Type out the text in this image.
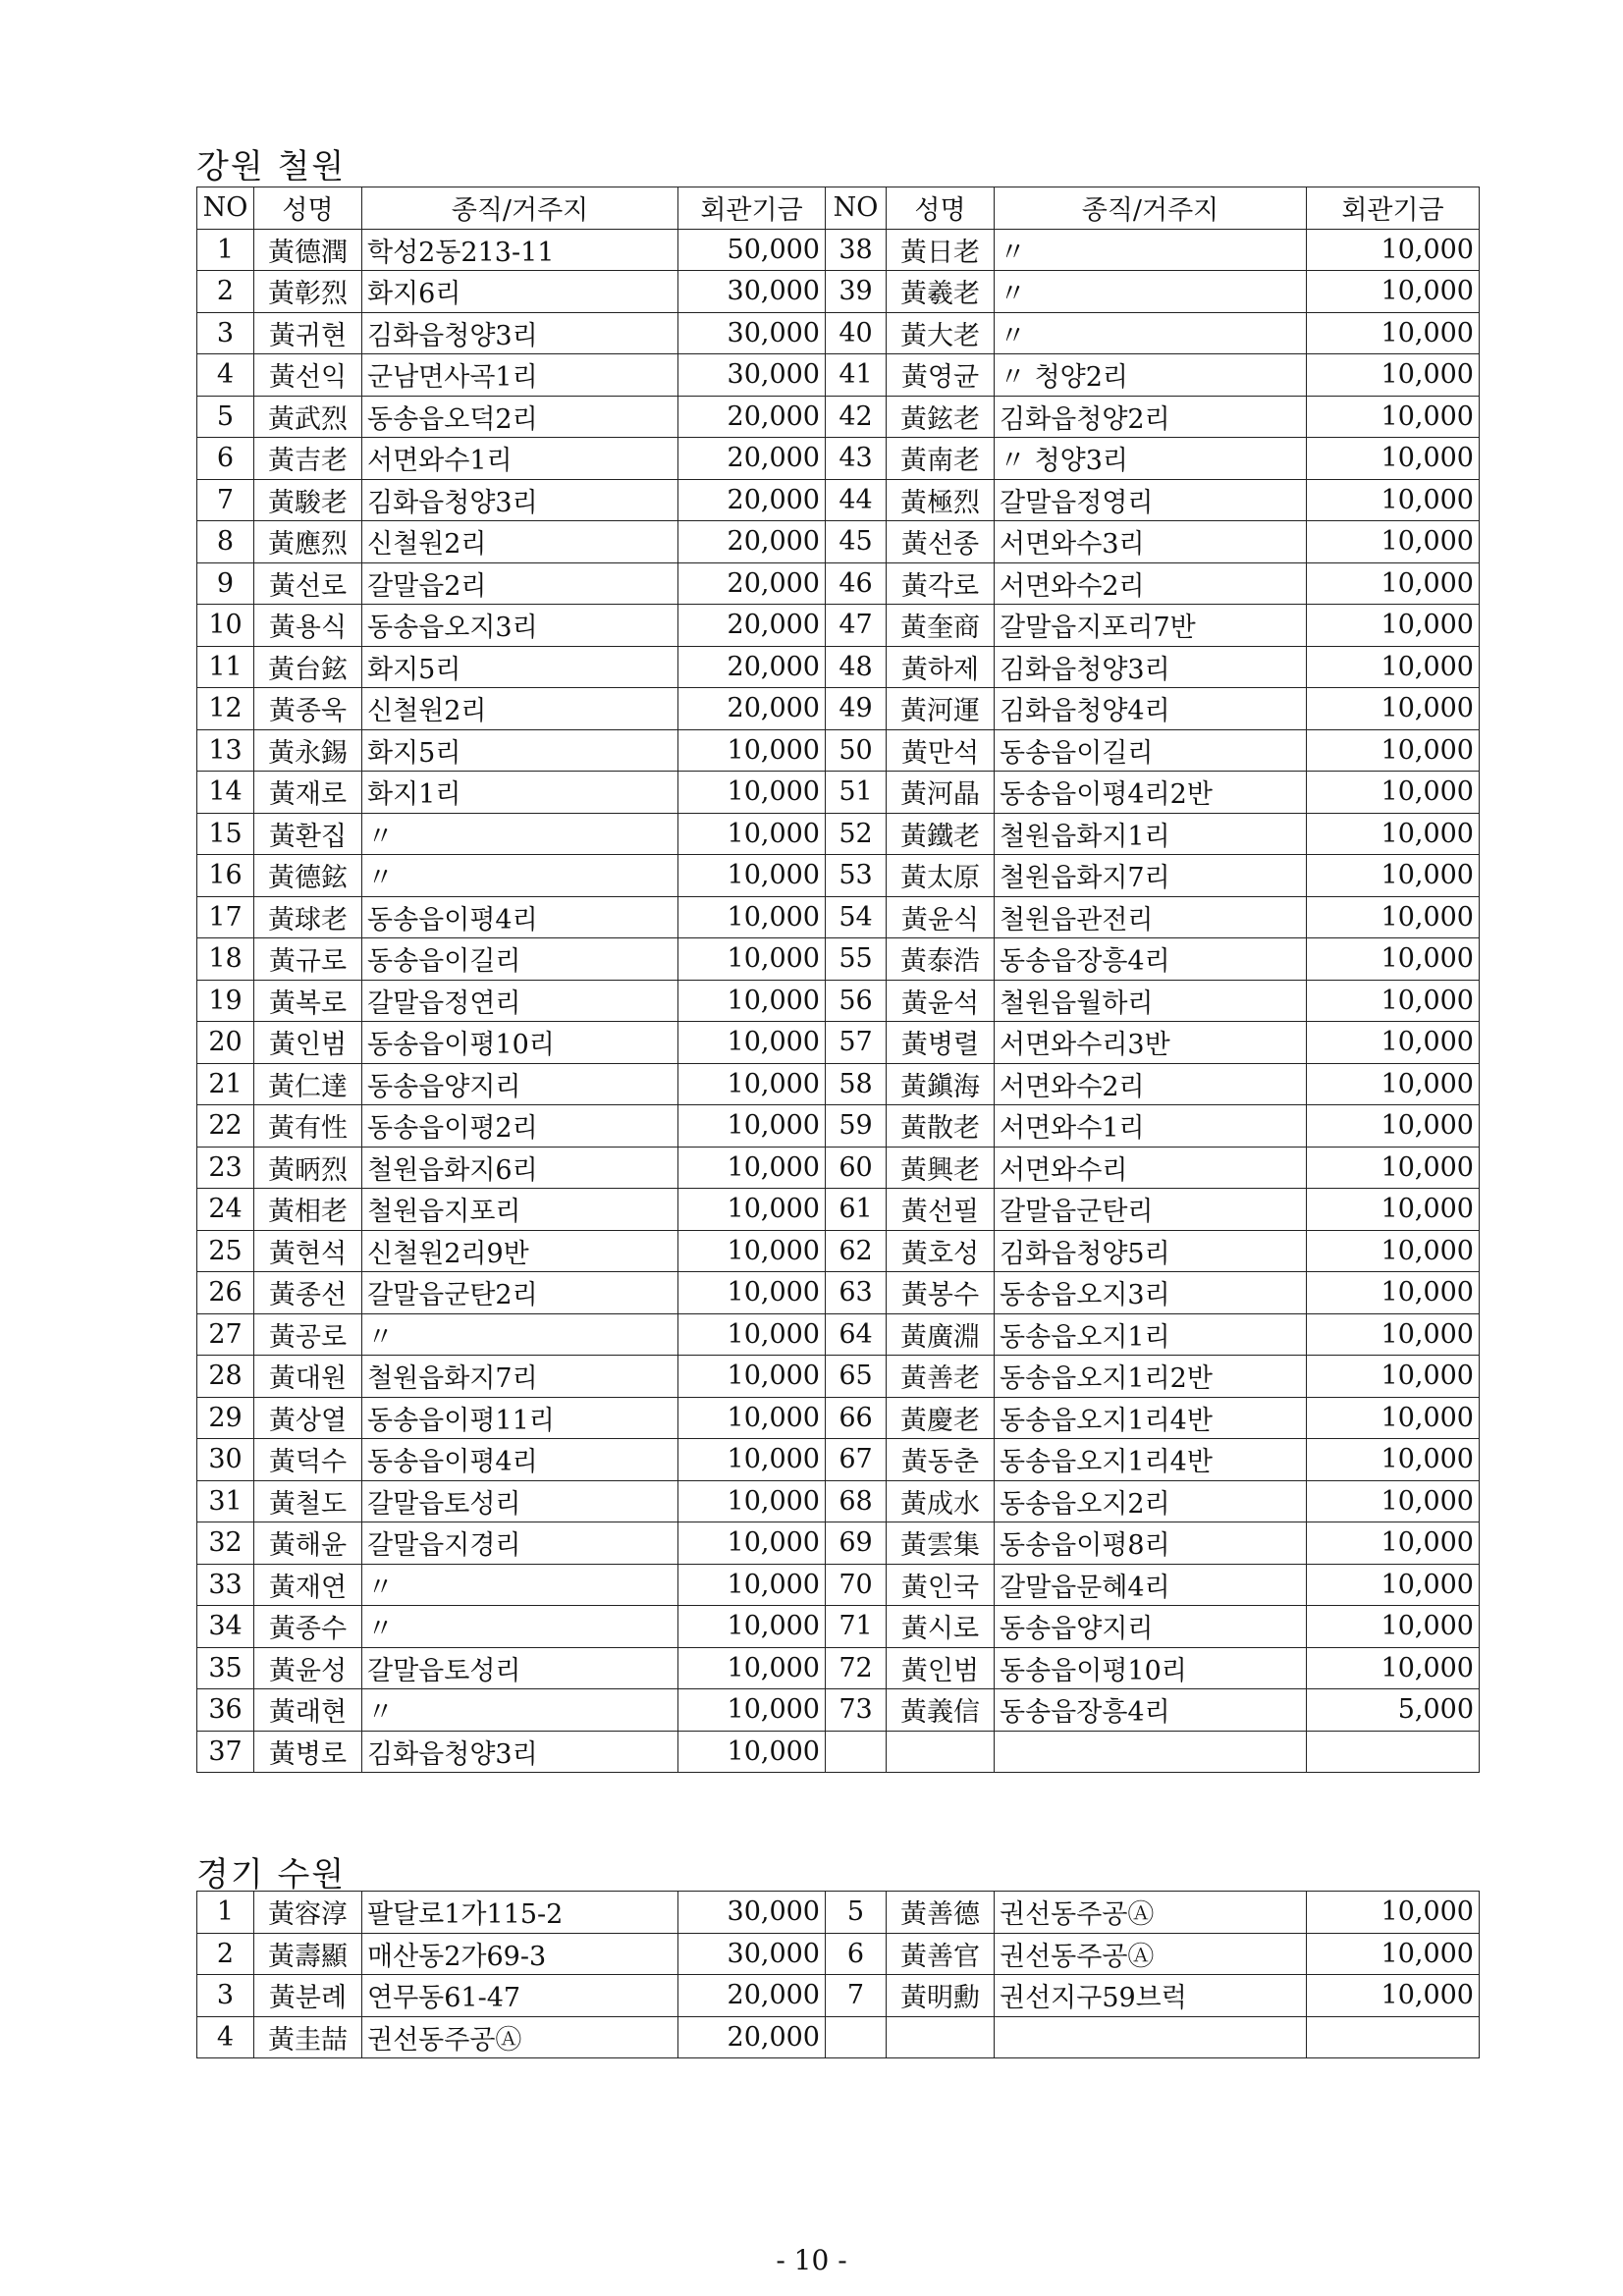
강원 철원
NO	성명	종직/거주지	회관기금	NO	성명	종직/거주지	회관기금
1	黃德潤	학성2동213-11	50,000	38	黃日老	〃	10,000
2	黃彰烈	화지6리	30,000	39	黃羲老	〃	10,000
3	黃귀현	김화읍청양3리	30,000	40	黃大老	〃	10,000
4	黃선익	군남면사곡1리	30,000	41	黃영균	〃 청양2리	10,000
5	黃武烈	동송읍오덕2리	20,000	42	黃鉉老	김화읍청양2리	10,000
6	黃吉老	서면와수1리	20,000	43	黃南老	〃 청양3리	10,000
7	黃駿老	김화읍청양3리	20,000	44	黃極烈	갈말읍정영리	10,000
8	黃應烈	신철원2리	20,000	45	黃선종	서면와수3리	10,000
9	黃선로	갈말읍2리	20,000	46	黃각로	서면와수2리	10,000
10	黃용식	동송읍오지3리	20,000	47	黃奎商	갈말읍지포리7반	10,000
11	黃台鉉	화지5리	20,000	48	黃하제	김화읍청양3리	10,000
12	黃종욱	신철원2리	20,000	49	黃河運	김화읍청양4리	10,000
13	黃永錫	화지5리	10,000	50	黃만석	동송읍이길리	10,000
14	黃재로	화지1리	10,000	51	黃河晶	동송읍이평4리2반	10,000
15	黃환집	〃	10,000	52	黃鐵老	철원읍화지1리	10,000
16	黃德鉉	〃	10,000	53	黃太原	철원읍화지7리	10,000
17	黃球老	동송읍이평4리	10,000	54	黃윤식	철원읍관전리	10,000
18	黃규로	동송읍이길리	10,000	55	黃泰浩	동송읍장흥4리	10,000
19	黃복로	갈말읍정연리	10,000	56	黃윤석	철원읍월하리	10,000
20	黃인범	동송읍이평10리	10,000	57	黃병렬	서면와수리3반	10,000
21	黃仁達	동송읍양지리	10,000	58	黃鎭海	서면와수2리	10,000
22	黃有性	동송읍이평2리	10,000	59	黃散老	서면와수1리	10,000
23	黃昞烈	철원읍화지6리	10,000	60	黃興老	서면와수리	10,000
24	黃相老	철원읍지포리	10,000	61	黃선필	갈말읍군탄리	10,000
25	黃현석	신철원2리9반	10,000	62	黃호성	김화읍청양5리	10,000
26	黃종선	갈말읍군탄2리	10,000	63	黃봉수	동송읍오지3리	10,000
27	黃공로	〃	10,000	64	黃廣淵	동송읍오지1리	10,000
28	黃대원	철원읍화지7리	10,000	65	黃善老	동송읍오지1리2반	10,000
29	黃상열	동송읍이평11리	10,000	66	黃慶老	동송읍오지1리4반	10,000
30	黃덕수	동송읍이평4리	10,000	67	黃동춘	동송읍오지1리4반	10,000
31	黃철도	갈말읍토성리	10,000	68	黃成水	동송읍오지2리	10,000
32	黃해윤	갈말읍지경리	10,000	69	黃雲集	동송읍이평8리	10,000
33	黃재연	〃	10,000	70	黃인국	갈말읍문혜4리	10,000
34	黃종수	〃	10,000	71	黃시로	동송읍양지리	10,000
35	黃윤성	갈말읍토성리	10,000	72	黃인범	동송읍이평10리	10,000
36	黃래현	〃	10,000	73	黃義信	동송읍장흥4리	5,000
37	黃병로	김화읍청양3리	10,000				
경기 수원
1	黃容淳	팔달로1가115-2	30,000	5	黃善德	권선동주공Ⓐ	10,000
2	黃壽顯	매산동2가69-3	30,000	6	黃善官	권선동주공Ⓐ	10,000
3	黃분례	연무동61-47	20,000	7	黃明勳	권선지구59브럭	10,000
4	黃圭喆	권선동주공Ⓐ	20,000				
- 10 -
